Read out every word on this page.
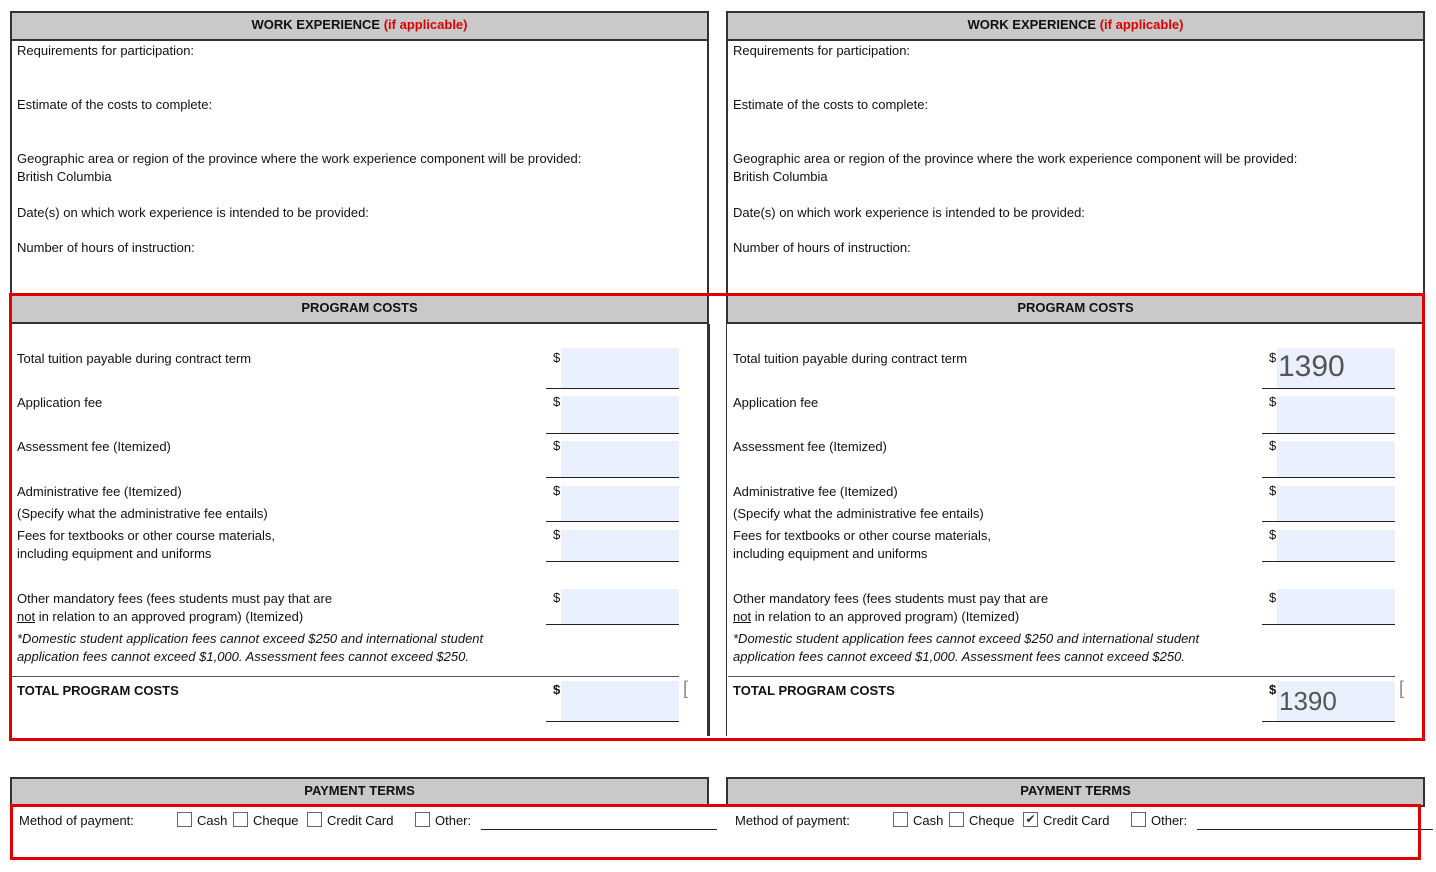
WORK EXPERIENCE (if applicable)
Requirements for participation:
Estimate of the costs to complete:
Geographic area or region of the province where the work experience component will be provided:
British Columbia
Date(s) on which work experience is intended to be provided:
Number of hours of instruction:
PROGRAM COSTS
Total tuition payable during contract term	$
Application fee	$
Assessment fee (Itemized)	$
Administrative fee (Itemized)
(Specify what the administrative fee entails)
$
Fees for textbooks or other course materials,
including equipment and uniforms
$
Other mandatory fees (fees students must pay that are
not in relation to an approved program) (Itemized)
$
*Domestic student application fees cannot exceed $250 and international student
application fees cannot exceed $1,000. Assessment fees cannot exceed $250.
TOTAL PROGRAM COSTS	$	[
PAYMENT TERMS
Method of payment:	Cash Cheque Credit Card	Other:
WORK EXPERIENCE (if applicable)
Requirements for participation:
Estimate of the costs to complete:
Geographic area or region of the province where the work experience component will be provided:
British Columbia
Date(s) on which work experience is intended to be provided:
Number of hours of instruction:
PROGRAM COSTS
Total tuition payable during contract term	$ 1390
Application fee	$
Assessment fee (Itemized)	$
Administrative fee (Itemized)
(Specify what the administrative fee entails)
$
Fees for textbooks or other course materials,
including equipment and uniforms
$
Other mandatory fees (fees students must pay that are
not in relation to an approved program) (Itemized)
$
*Domestic student application fees cannot exceed $250 and international student
application fees cannot exceed $1,000. Assessment fees cannot exceed $250.
TOTAL PROGRAM COSTS	$ 1390	[
PAYMENT TERMS
Method of payment:	Cash Cheque ✔ Credit Card	Other:
